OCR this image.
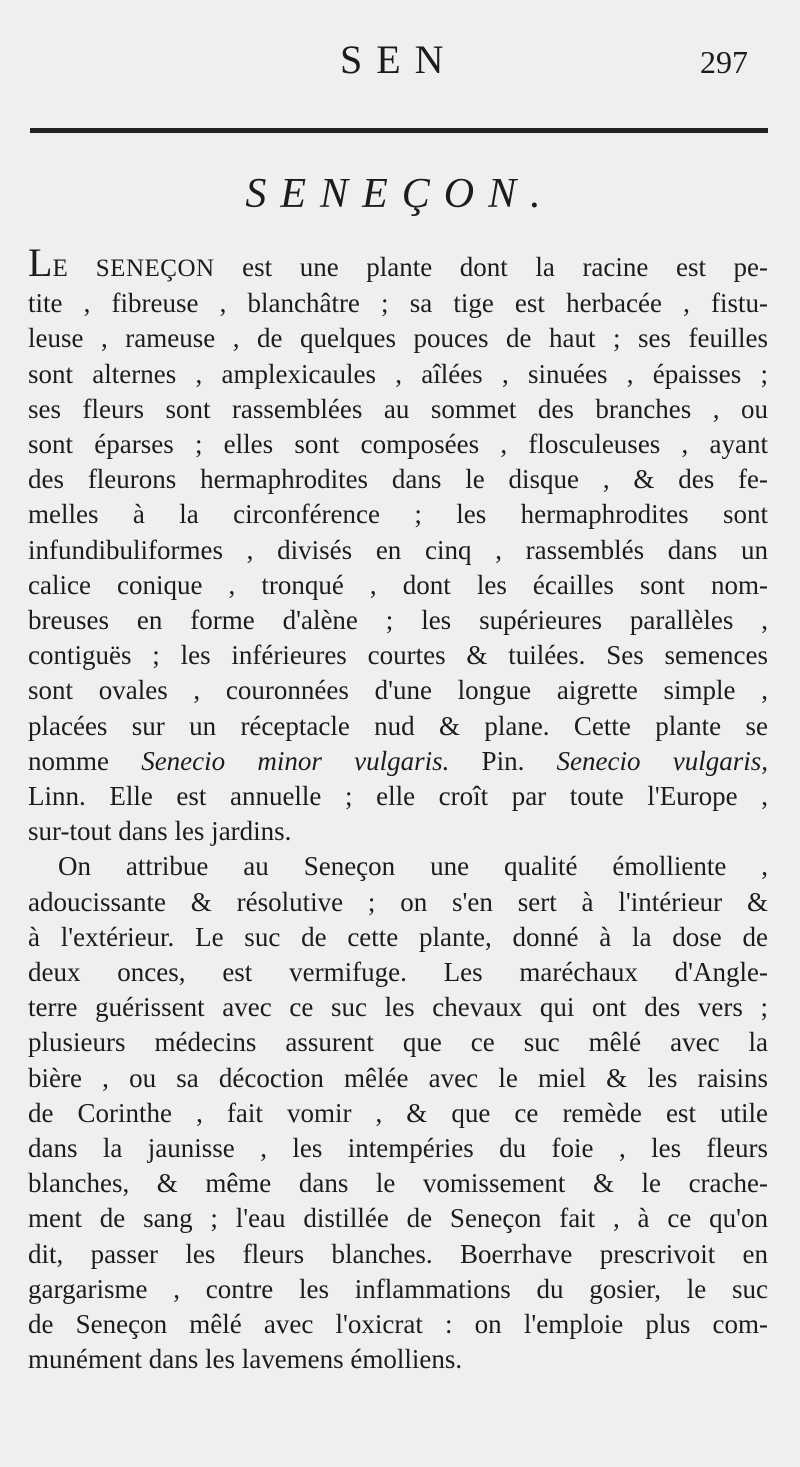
SEN	297
SENEÇON.
LE SENEÇON est une plante dont la racine est pe-
tite , fibreuse , blanchâtre ; sa tige est herbacée , fistu-
leuse , rameuse , de quelques pouces de haut ; ses feuilles
sont alternes , amplexicaules , aîlées , sinuées , épaisses ;
ses fleurs sont rassemblées au sommet des branches , ou
sont éparses ; elles sont composées , flosculeuses , ayant
des fleurons hermaphrodites dans le disque , & des fe-
melles à la circonférence ; les hermaphrodites sont
infundibuliformes , divisés en cinq , rassemblés dans un
calice conique , tronqué , dont les écailles sont nom-
breuses en forme d'alène ; les supérieures parallèles ,
contiguës ; les inférieures courtes & tuilées. Ses semences
sont ovales , couronnées d'une longue aigrette simple ,
placées sur un réceptacle nud & plane. Cette plante se
nomme Senecio minor vulgaris. Pin. Senecio vulgaris,
Linn. Elle est annuelle ; elle croît par toute l'Europe ,
sur-tout dans les jardins.
On attribue au Seneçon une qualité émolliente ,
adoucissante & résolutive ; on s'en sert à l'intérieur &
à l'extérieur. Le suc de cette plante, donné à la dose de
deux onces, est vermifuge. Les maréchaux d'Angle-
terre guérissent avec ce suc les chevaux qui ont des vers ;
plusieurs médecins assurent que ce suc mêlé avec la
bière , ou sa décoction mêlée avec le miel & les raisins
de Corinthe , fait vomir , & que ce remède est utile
dans la jaunisse , les intempéries du foie , les fleurs
blanches, & même dans le vomissement & le crache-
ment de sang ; l'eau distillée de Seneçon fait , à ce qu'on
dit, passer les fleurs blanches. Boerrhave prescrivoit en
gargarisme , contre les inflammations du gosier, le suc
de Seneçon mêlé avec l'oxicrat : on l'emploie plus com-
munément dans les lavemens émolliens.
